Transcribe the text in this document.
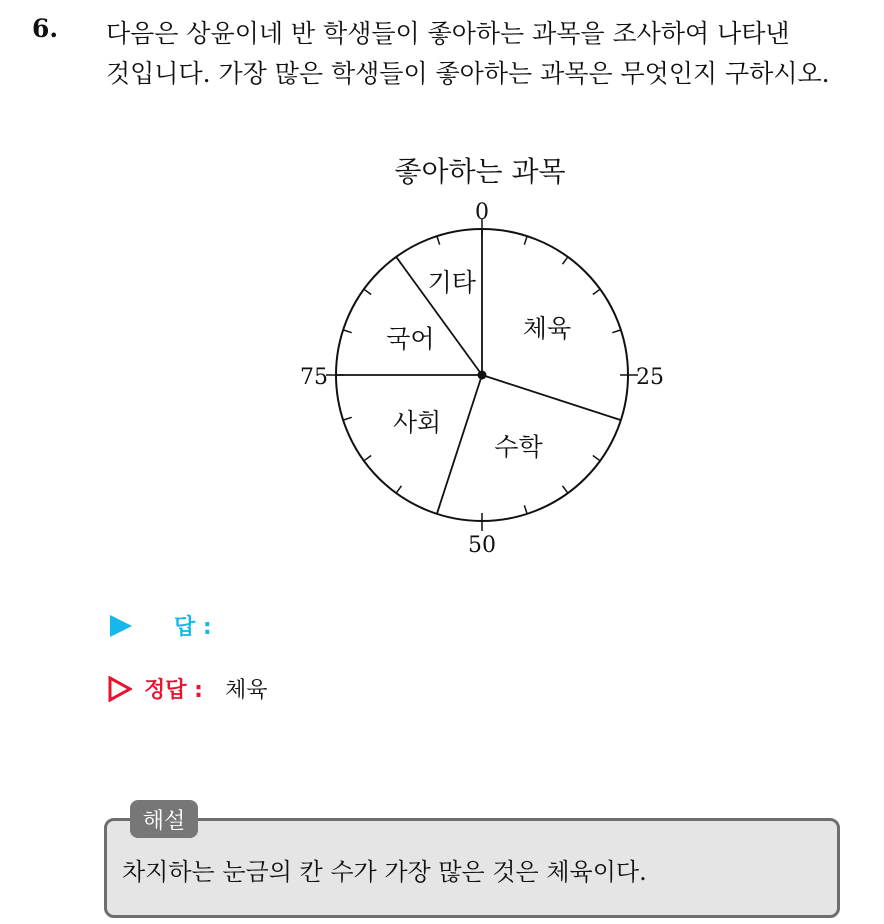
6. 다음은 상윤이네 반 학생들이 좋아하는 과목을 조사하여 나타낸
것입니다. 가장 많은 학생들이 좋아하는 과목은 무엇인지 구하시오.
좋아하는 과목
0
25
50
75
체육
수학
사회
국어
기타
답 :
정답 : 체육
해설
차지하는 눈금의 칸 수가 가장 많은 것은 체육이다.
